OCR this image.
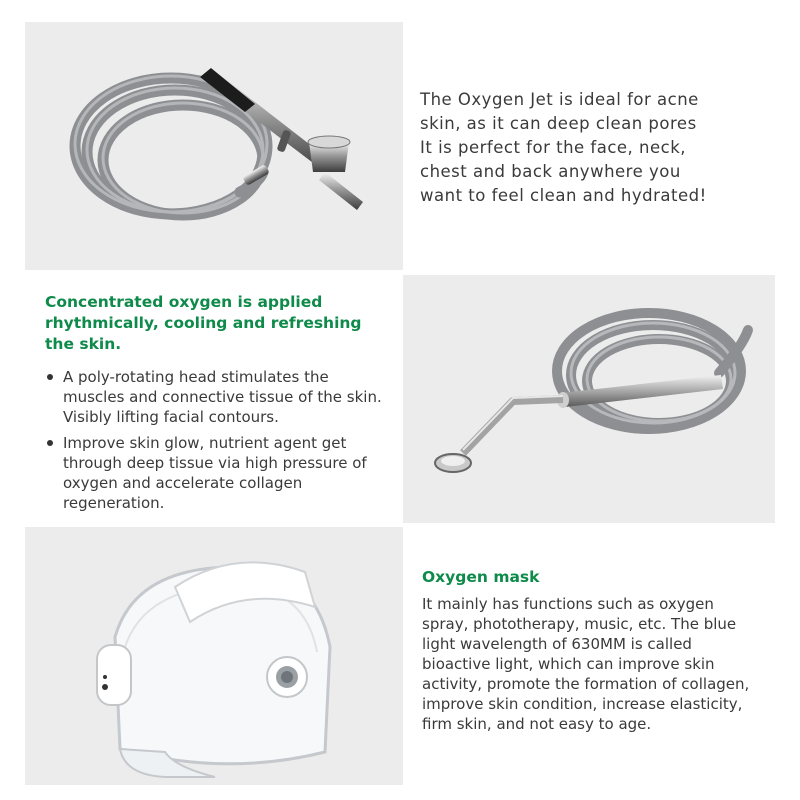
The Oxygen Jet is ideal for acne
skin, as it can deep clean pores
It is perfect for the face, neck,
chest and back anywhere you
want to feel clean and hydrated!

Concentrated oxygen is applied rhythmically, cooling and refreshing the skin.

A poly-rotating head stimulates the muscles and connective tissue of the skin. Visibly lifting facial contours.
Improve skin glow, nutrient agent get through deep tissue via high pressure of oxygen and accelerate collagen regeneration.

Oxygen mask

It mainly has functions such as oxygen spray, phototherapy, music, etc. The blue light wavelength of 630MM is called bioactive light, which can improve skin activity, promote the formation of collagen, improve skin condition, increase elasticity, firm skin, and not easy to age.
